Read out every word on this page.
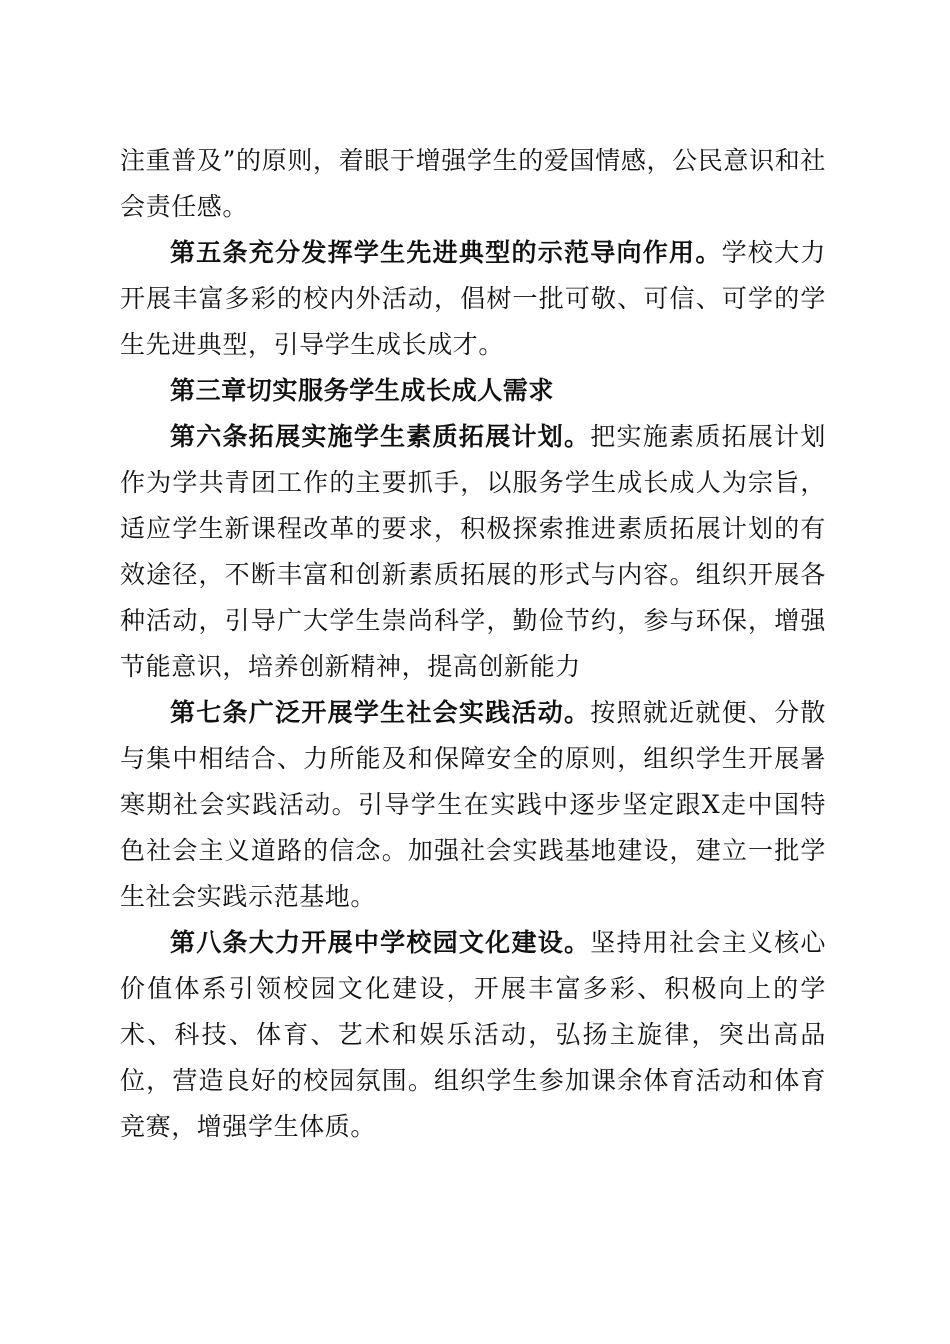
注重普及”的原则，着眼于增强学生的爱国情感，公民意识和社会责任感。

第五条充分发挥学生先进典型的示范导向作用。学校大力开展丰富多彩的校内外活动，倡树一批可敬、可信、可学的学生先进典型，引导学生成长成才。

第三章切实服务学生成长成人需求

第六条拓展实施学生素质拓展计划。把实施素质拓展计划作为学共青团工作的主要抓手，以服务学生成长成人为宗旨，适应学生新课程改革的要求，积极探索推进素质拓展计划的有效途径，不断丰富和创新素质拓展的形式与内容。组织开展各种活动，引导广大学生崇尚科学，勤俭节约，参与环保，增强节能意识，培养创新精神，提高创新能力

第七条广泛开展学生社会实践活动。按照就近就便、分散与集中相结合、力所能及和保障安全的原则，组织学生开展暑寒期社会实践活动。引导学生在实践中逐步坚定跟X走中国特色社会主义道路的信念。加强社会实践基地建设，建立一批学生社会实践示范基地。

第八条大力开展中学校园文化建设。坚持用社会主义核心价值体系引领校园文化建设，开展丰富多彩、积极向上的学术、科技、体育、艺术和娱乐活动，弘扬主旋律，突出高品位，营造良好的校园氛围。组织学生参加课余体育活动和体育竞赛，增强学生体质。
